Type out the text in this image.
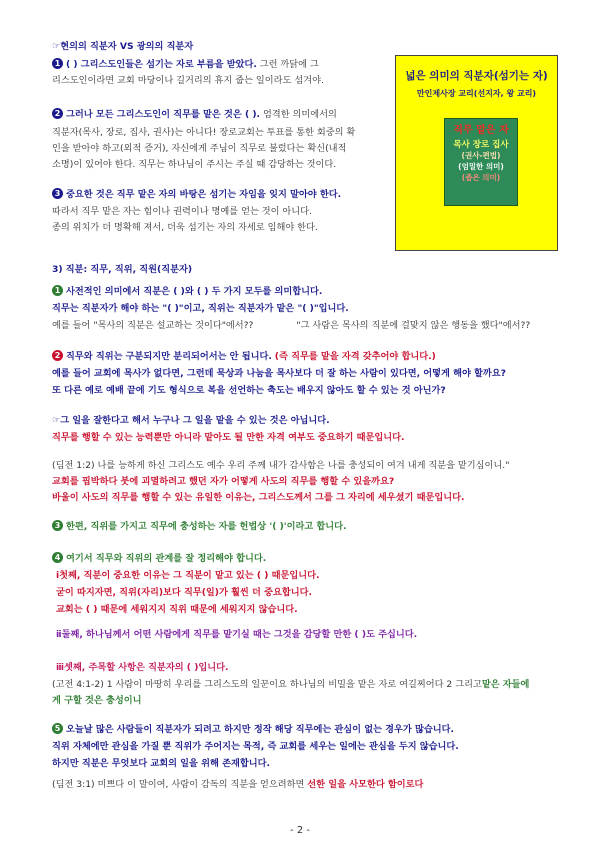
☞현의의 직분자 VS 광의의 직분자
1 ( ) 그리스도인들은 섬기는 자로 부름을 받았다. 그런 까닭에 그
리스도인이라면 교회 마당이나 길거리의 휴지 줍는 일이라도 섬겨야.
2 그러나 모든 그리스도인이 직무를 맡은 것은 ( ). 엄격한 의미에서의
직분자(목사, 장로, 집사, 권사)는 아니다! 장로교회는 투표를 통한 회중의 확
인을 받아야 하고(외적 증거), 자신에게 주님이 직무로 불렀다는 확신(내적
소명)이 있어야 한다. 직무는 하나님이 주시는 주실 때 감당하는 것이다.
3 중요한 것은 직무 맡은 자의 바탕은 섬기는 자임을 잊지 말아야 한다.
따라서 직무 맡은 자는 힘이나 권력이나 명예를 얻는 것이 아니다.
종의 위치가 더 명확해 져서, 더욱 섬기는 자의 자세로 임해야 한다.
넓은 의미의 직분자(섬기는 자)
만인제사장 교리(선지자, 왕 교리)
직무 맡은 자
목사 장로 집사
(권사-편법)
(엄밀한 의미)
(좁은 의미)
3) 직분: 직무, 직위, 직원(직분자)
1 사전적인 의미에서 직분은 ( )와 ( ) 두 가지 모두를 의미합니다.
직무는 직분자가 해야 하는 "( )"이고, 직위는 직분자가 맡은 "( )"입니다.
예를 들어 "목사의 직분은 설교하는 것이다"에서??	"그 사람은 목사의 직분에 걸맞지 않은 행동을 했다"에서??
2 직무와 직위는 구분되지만 분리되어서는 안 됩니다. (즉 직무를 맡을 자격 갖추어야 합니다.)
예를 들어 교회에 목사가 없다면, 그런데 묵상과 나눔을 목사보다 더 잘 하는 사람이 있다면, 어떻게 해야 할까요?
또 다른 예로 예배 끝에 기도 형식으로 복을 선언하는 축도는 배우지 않아도 할 수 있는 것 아닌가?
☞그 일을 잘한다고 해서 누구나 그 일을 맡을 수 있는 것은 아닙니다.
직무를 행할 수 있는 능력뿐만 아니라 맡아도 될 만한 자격 여부도 중요하기 때문입니다.
(딤전 1:2) 나를 능하게 하신 그리스도 예수 우리 주께 내가 감사함은 나를 충성되이 여겨 내게 직분을 맡기심이니."
교회를 핍박하다 붓에 괴멸하려고 했던 자가 어떻게 사도의 직무를 행할 수 있을까요?
바울이 사도의 직무를 행할 수 있는 유일한 이유는, 그리스도께서 그를 그 자리에 세우셨기 때문입니다.
3 한편, 직위를 가지고 직무에 충성하는 자를 헌법상 '( )'이라고 합니다.
4 여기서 직무와 직위의 관계를 잘 정리해야 합니다.
ⅰ첫째, 직분이 중요한 이유는 그 직분이 맡고 있는 ( ) 때문입니다.
굳이 따지자면, 직위(자리)보다 직무(일)가 훨씬 더 중요합니다.
교회는 ( ) 때문에 세워지지 직위 때문에 세워지지 않습니다.
ⅱ둘째, 하나님께서 어떤 사람에게 직무를 맡기실 때는 그것을 감당할 만한 ( )도 주십니다.
ⅲ셋째, 주목할 사항은 직분자의 ( )입니다.
(고전 4:1-2) 1 사람이 마땅히 우리를 그리스도의 일꾼이요 하나님의 비밀을 맡은 자로 여길찌어다 2 그리고맡은 자들에
게 구할 것은 충성이니
5 오늘날 많은 사람들이 직분자가 되려고 하지만 정작 해당 직무에는 관심이 없는 경우가 많습니다.
직위 자체에만 관심을 가질 뿐 직위가 주어지는 목적, 즉 교회를 세우는 일에는 관심을 두지 않습니다.
하지만 직분은 무엇보다 교회의 일을 위해 존재합니다.
(딤전 3:1) 미쁘다 이 말이여, 사람이 감독의 직분을 얻으려하면 선한 일을 사모한다 함이로다
- 2 -
